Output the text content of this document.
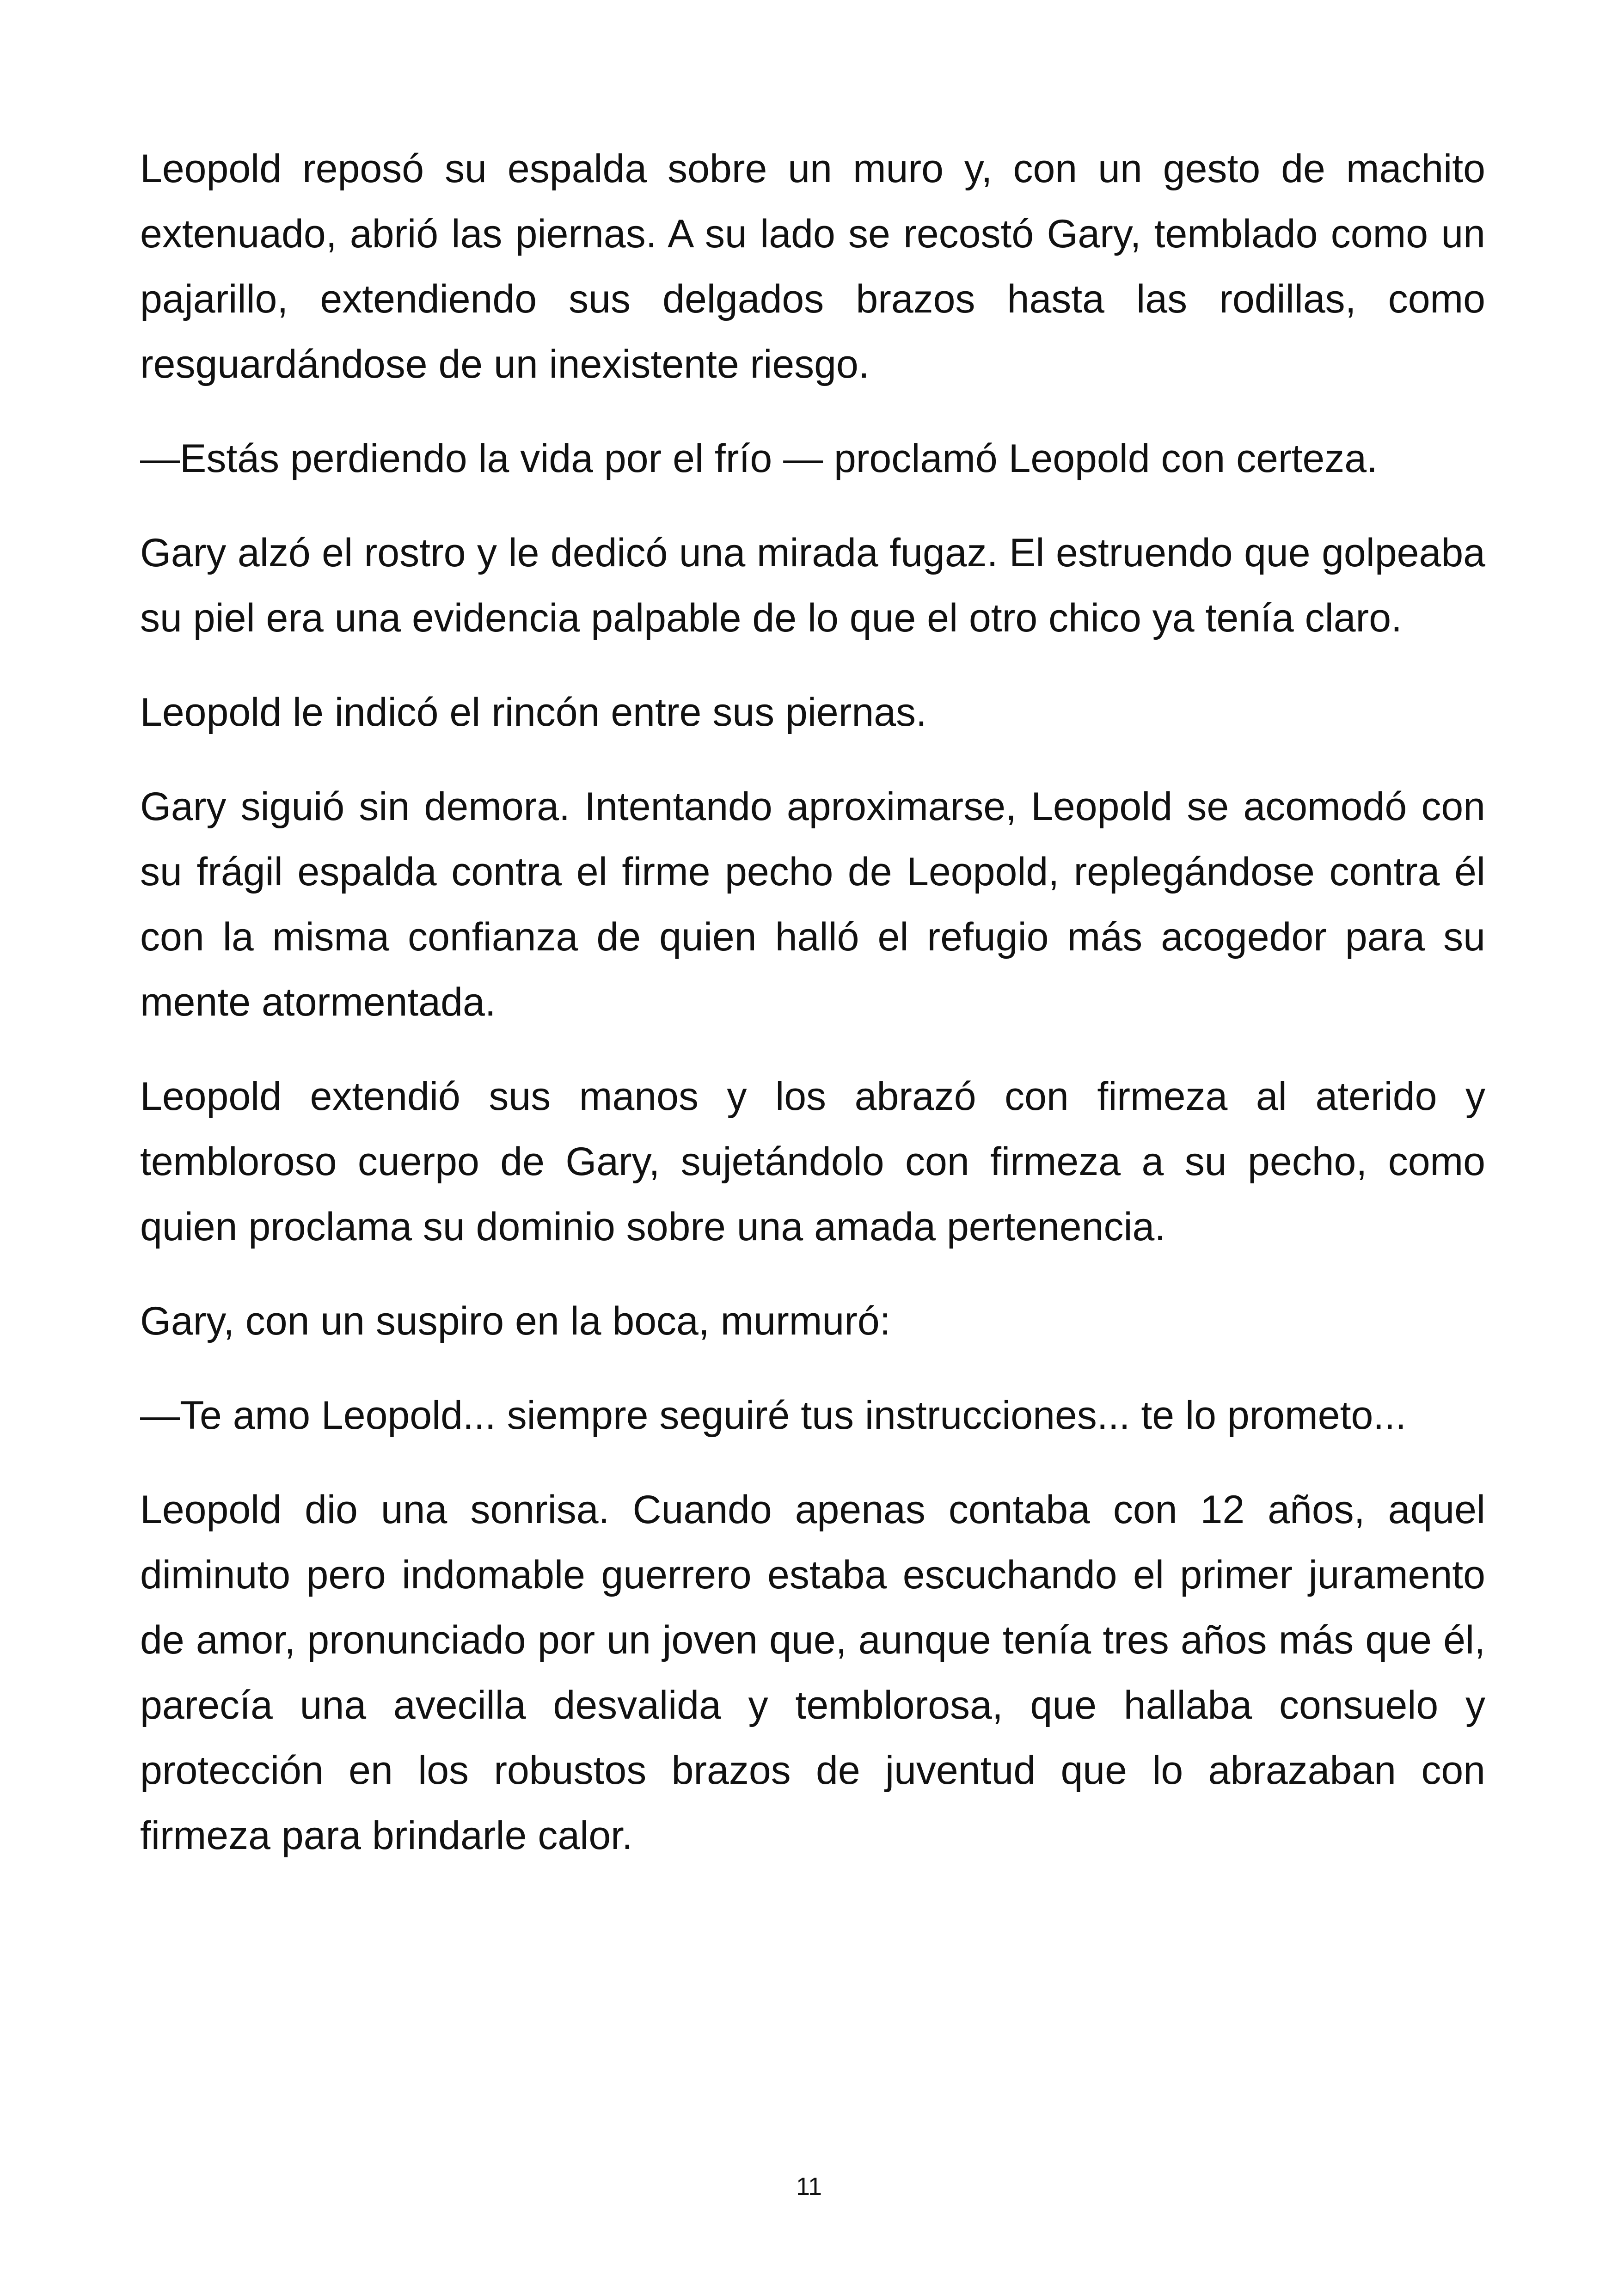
Leopold reposó su espalda sobre un muro y, con un gesto de machito extenuado, abrió las piernas. A su lado se recostó Gary, temblado como un pajarillo, extendiendo sus delgados brazos hasta las rodillas, como resguardándose de un inexistente riesgo.

—Estás perdiendo la vida por el frío — proclamó Leopold con certeza.

Gary alzó el rostro y le dedicó una mirada fugaz. El estruendo que golpeaba su piel era una evidencia palpable de lo que el otro chico ya tenía claro.

Leopold le indicó el rincón entre sus piernas.

Gary siguió sin demora. Intentando aproximarse, Leopold se acomodó con su frágil espalda contra el firme pecho de Leopold, replegándose contra él con la misma confianza de quien halló el refugio más acogedor para su mente atormentada.

Leopold extendió sus manos y los abrazó con firmeza al aterido y tembloroso cuerpo de Gary, sujetándolo con firmeza a su pecho, como quien proclama su dominio sobre una amada pertenencia.

Gary, con un suspiro en la boca, murmuró:

—Te amo Leopold... siempre seguiré tus instrucciones... te lo prometo...

Leopold dio una sonrisa. Cuando apenas contaba con 12 años, aquel diminuto pero indomable guerrero estaba escuchando el primer juramento de amor, pronunciado por un joven que, aunque tenía tres años más que él, parecía una avecilla desvalida y temblorosa, que hallaba consuelo y protección en los robustos brazos de juventud que lo abrazaban con firmeza para brindarle calor.

11
